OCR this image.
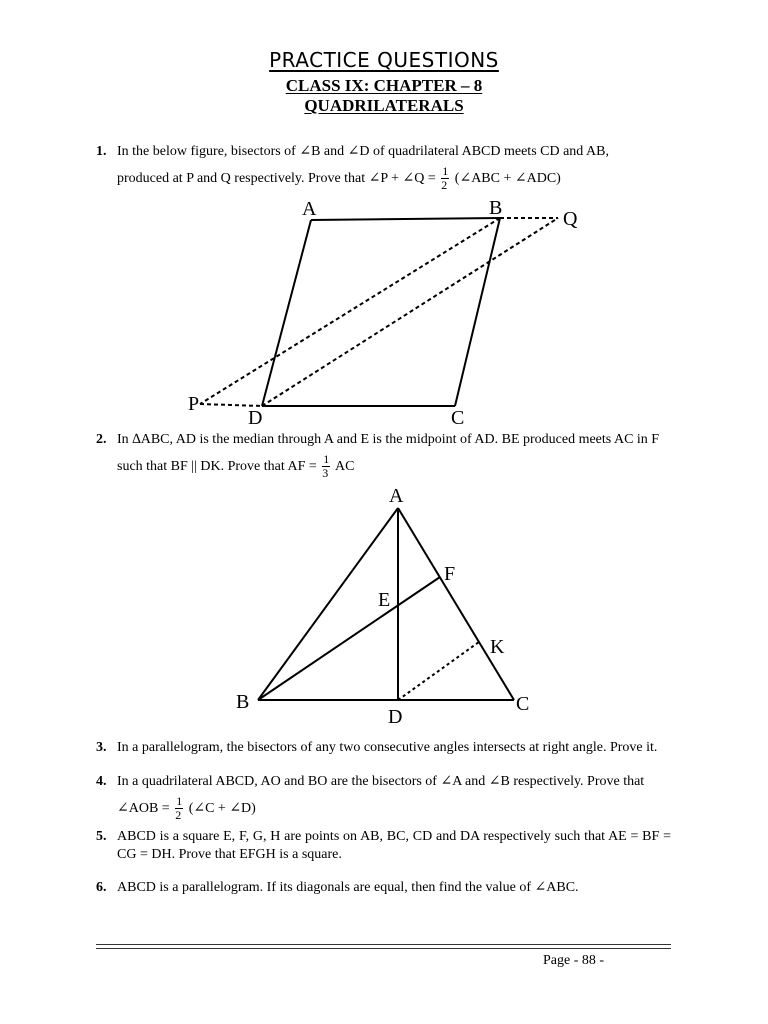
PRACTICE QUESTIONS
CLASS IX: CHAPTER – 8
QUADRILATERALS
1. In the below figure, bisectors of ∠B and ∠D of quadrilateral ABCD meets CD and AB,
produced at P and Q respectively. Prove that ∠P + ∠Q = $\frac{1}{2}$ (∠ABC + ∠ADC)
A	B	Q
P
D	C
2. In ∆ABC, AD is the median through A and E is the midpoint of AD. BE produced meets AC in F
such that BF || DK. Prove that AF = $\frac{1}{3}$ AC
A
F
E
K
B
D
C
3. In a parallelogram, the bisectors of any two consecutive angles intersects at right angle. Prove it.
4. In a quadrilateral ABCD, AO and BO are the bisectors of ∠A and ∠B respectively. Prove that
∠AOB = $\frac{1}{2}$ (∠C + ∠D)
5. ABCD is a square E, F, G, H are points on AB, BC, CD and DA respectively such that AE = BF = CG = DH. Prove that EFGH is a square.
6. ABCD is a parallelogram. If its diagonals are equal, then find the value of ∠ABC.
Page - 88 -
